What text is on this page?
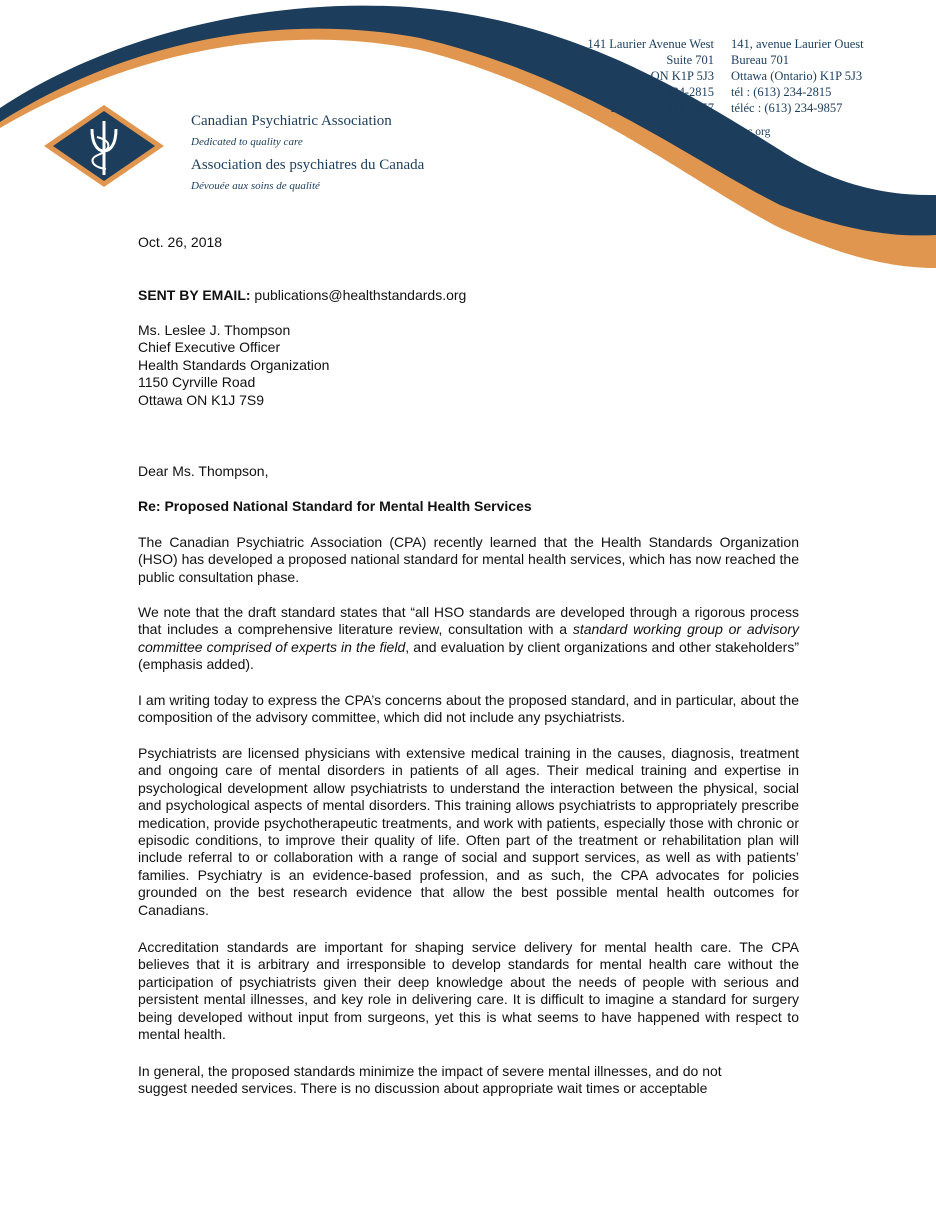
Canadian Psychiatric Association
Dedicated to quality care
Association des psychiatres du Canada
Dévouée aux soins de qualité
141 Laurier Avenue West
Suite 701
Ottawa, ON K1P 5J3
Tel: (613) 234-2815
Fax: (613) 234-9857
141, avenue Laurier Ouest
Bureau 701
Ottawa (Ontario) K1P 5J3
tél : (613) 234-2815
téléc : (613) 234-9857
www.cpa-apc.org
cpa@cpa-apc.org
Oct. 26, 2018
SENT BY EMAIL: publications@healthstandards.org
Ms. Leslee J. Thompson
Chief Executive Officer
Health Standards Organization
1150 Cyrville Road
Ottawa ON K1J 7S9
Dear Ms. Thompson,
Re: Proposed National Standard for Mental Health Services
The Canadian Psychiatric Association (CPA) recently learned that the Health Standards Organization (HSO) has developed a proposed national standard for mental health services, which has now reached the public consultation phase.
We note that the draft standard states that “all HSO standards are developed through a rigorous process that includes a comprehensive literature review, consultation with a standard working group or advisory committee comprised of experts in the field, and evaluation by client organizations and other stakeholders” (emphasis added).
I am writing today to express the CPA’s concerns about the proposed standard, and in particular, about the composition of the advisory committee, which did not include any psychiatrists.
Psychiatrists are licensed physicians with extensive medical training in the causes, diagnosis, treatment and ongoing care of mental disorders in patients of all ages. Their medical training and expertise in psychological development allow psychiatrists to understand the interaction between the physical, social and psychological aspects of mental disorders. This training allows psychiatrists to appropriately prescribe medication, provide psychotherapeutic treatments, and work with patients, especially those with chronic or episodic conditions, to improve their quality of life. Often part of the treatment or rehabilitation plan will include referral to or collaboration with a range of social and support services, as well as with patients’ families. Psychiatry is an evidence-based profession, and as such, the CPA advocates for policies grounded on the best research evidence that allow the best possible mental health outcomes for Canadians.
Accreditation standards are important for shaping service delivery for mental health care. The CPA believes that it is arbitrary and irresponsible to develop standards for mental health care without the participation of psychiatrists given their deep knowledge about the needs of people with serious and persistent mental illnesses, and key role in delivering care. It is difficult to imagine a standard for surgery being developed without input from surgeons, yet this is what seems to have happened with respect to mental health.
In general, the proposed standards minimize the impact of severe mental illnesses, and do not
suggest needed services. There is no discussion about appropriate wait times or acceptable
